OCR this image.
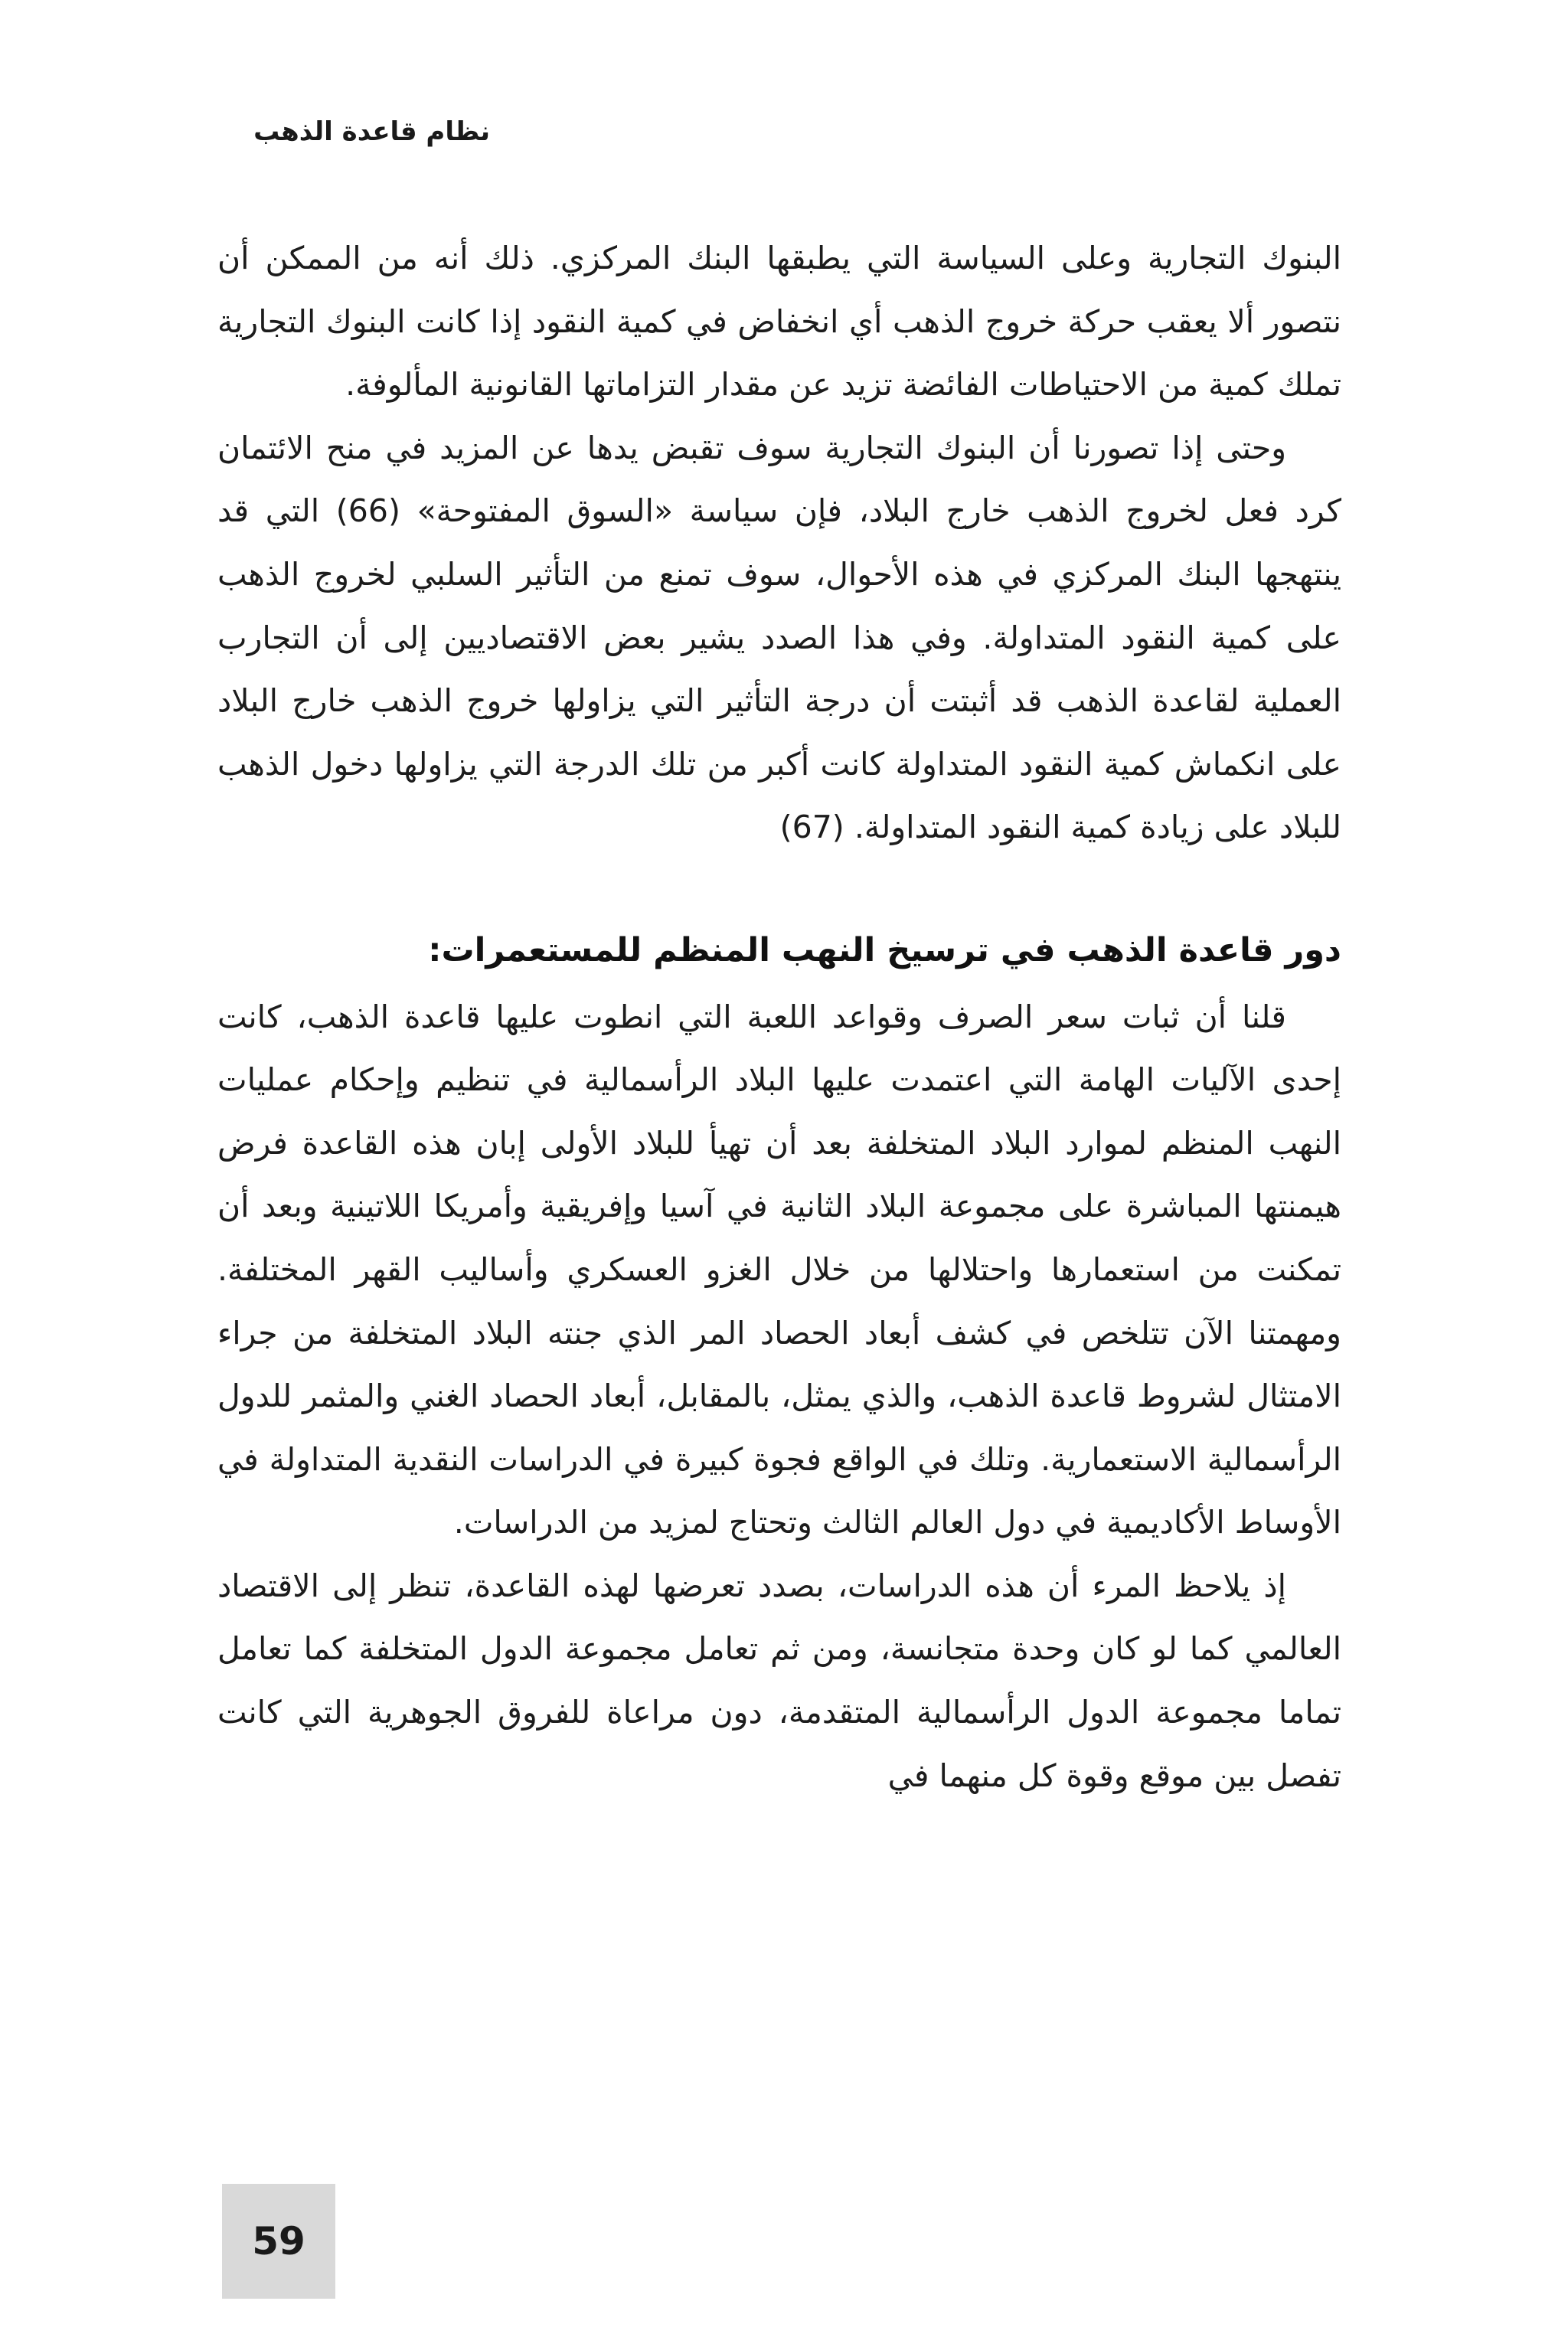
نظام قاعدة الذهب

البنوك التجارية وعلى السياسة التي يطبقها البنك المركزي. ذلك أنه من الممكن أن نتصور ألا يعقب حركة خروج الذهب أي انخفاض في كمية النقود إذا كانت البنوك التجارية تملك كمية من الاحتياطات الفائضة تزيد عن مقدار التزاماتها القانونية المألوفة.

وحتى إذا تصورنا أن البنوك التجارية سوف تقبض يدها عن المزيد في منح الائتمان كرد فعل لخروج الذهب خارج البلاد، فإن سياسة «السوق المفتوحة» (66) التي قد ينتهجها البنك المركزي في هذه الأحوال، سوف تمنع من التأثير السلبي لخروج الذهب على كمية النقود المتداولة. وفي هذا الصدد يشير بعض الاقتصاديين إلى أن التجارب العملية لقاعدة الذهب قد أثبتت أن درجة التأثير التي يزاولها خروج الذهب خارج البلاد على انكماش كمية النقود المتداولة كانت أكبر من تلك الدرجة التي يزاولها دخول الذهب للبلاد على زيادة كمية النقود المتداولة. (67)

دور قاعدة الذهب في ترسيخ النهب المنظم للمستعمرات:

قلنا أن ثبات سعر الصرف وقواعد اللعبة التي انطوت عليها قاعدة الذهب، كانت إحدى الآليات الهامة التي اعتمدت عليها البلاد الرأسمالية في تنظيم وإحكام عمليات النهب المنظم لموارد البلاد المتخلفة بعد أن تهيأ للبلاد الأولى إبان هذه القاعدة فرض هيمنتها المباشرة على مجموعة البلاد الثانية في آسيا وإفريقية وأمريكا اللاتينية وبعد أن تمكنت من استعمارها واحتلالها من خلال الغزو العسكري وأساليب القهر المختلفة. ومهمتنا الآن تتلخص في كشف أبعاد الحصاد المر الذي جنته البلاد المتخلفة من جراء الامتثال لشروط قاعدة الذهب، والذي يمثل، بالمقابل، أبعاد الحصاد الغني والمثمر للدول الرأسمالية الاستعمارية. وتلك في الواقع فجوة كبيرة في الدراسات النقدية المتداولة في الأوساط الأكاديمية في دول العالم الثالث وتحتاج لمزيد من الدراسات.

إذ يلاحظ المرء أن هذه الدراسات، بصدد تعرضها لهذه القاعدة، تنظر إلى الاقتصاد العالمي كما لو كان وحدة متجانسة، ومن ثم تعامل مجموعة الدول المتخلفة كما تعامل تماما مجموعة الدول الرأسمالية المتقدمة، دون مراعاة للفروق الجوهرية التي كانت تفصل بين موقع وقوة كل منهما في

59
